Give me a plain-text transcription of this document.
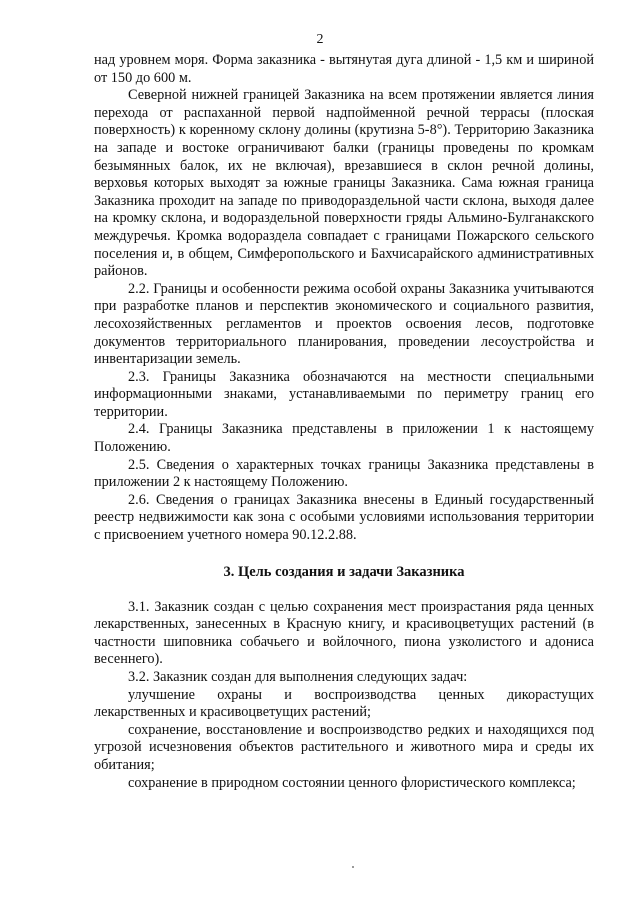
2

над уровнем моря. Форма заказника - вытянутая дуга длиной - 1,5 км и шириной от 150 до 600 м.

Северной нижней границей Заказника на всем протяжении является линия перехода от распаханной первой надпойменной речной террасы (плоская поверхность) к коренному склону долины (крутизна 5-8°). Территорию Заказника на западе и востоке ограничивают балки (границы проведены по кромкам безымянных балок, их не включая), врезавшиеся в склон речной долины, верховья которых выходят за южные границы Заказника. Сама южная граница Заказника проходит на западе по приводораздельной части склона, выходя далее на кромку склона, и водораздельной поверхности гряды Альмино-Булганакского междуречья. Кромка водораздела совпадает с границами Пожарского сельского поселения и, в общем, Симферопольского и Бахчисарайского административных районов.

2.2. Границы и особенности режима особой охраны Заказника учитываются при разработке планов и перспектив экономического и социального развития, лесохозяйственных регламентов и проектов освоения лесов, подготовке документов территориального планирования, проведении лесоустройства и инвентаризации земель.

2.3. Границы Заказника обозначаются на местности специальными информационными знаками, устанавливаемыми по периметру границ его территории.

2.4. Границы Заказника представлены в приложении 1 к настоящему Положению.

2.5. Сведения о характерных точках границы Заказника представлены в приложении 2 к настоящему Положению.

2.6. Сведения о границах Заказника внесены в Единый государственный реестр недвижимости как зона с особыми условиями использования территории с присвоением учетного номера 90.12.2.88.

3. Цель создания и задачи Заказника

3.1. Заказник создан с целью сохранения мест произрастания ряда ценных лекарственных, занесенных в Красную книгу, и красивоцветущих растений (в частности шиповника собачьего и войлочного, пиона узколистого и адониса весеннего).

3.2. Заказник создан для выполнения следующих задач:

улучшение охраны и воспроизводства ценных дикорастущих лекарственных и красивоцветущих растений;

сохранение, восстановление и воспроизводство редких и находящихся под угрозой исчезновения объектов растительного и животного мира и среды их обитания;

сохранение в природном состоянии ценного флористического комплекса;
